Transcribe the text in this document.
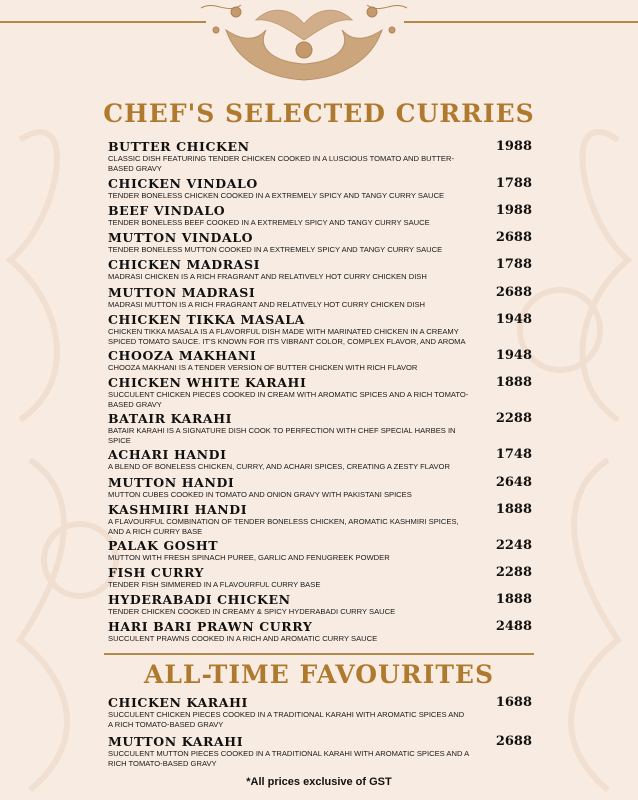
CHEF'S SELECTED CURRIES
BUTTER CHICKEN
CLASSIC DISH FEATURING TENDER CHICKEN COOKED IN A LUSCIOUS TOMATO AND BUTTER-BASED GRAVY
1988
CHICKEN VINDALO
TENDER BONELESS CHICKEN COOKED IN A EXTREMELY SPICY AND TANGY CURRY SAUCE
1788
BEEF VINDALO
TENDER BONELESS BEEF COOKED IN A EXTREMELY SPICY AND TANGY CURRY SAUCE
1988
MUTTON VINDALO
TENDER BONELESS MUTTON COOKED IN A EXTREMELY SPICY AND TANGY CURRY SAUCE
2688
CHICKEN MADRASI
MADRASI CHICKEN IS A RICH FRAGRANT AND RELATIVELY HOT CURRY CHICKEN DISH
1788
MUTTON MADRASI
MADRASI MUTTON IS A RICH FRAGRANT AND RELATIVELY HOT CURRY CHICKEN DISH
2688
CHICKEN TIKKA MASALA
CHICKEN TIKKA MASALA IS A FLAVORFUL DISH MADE WITH MARINATED CHICKEN IN A CREAMY SPICED TOMATO SAUCE. IT'S KNOWN FOR ITS VIBRANT COLOR, COMPLEX FLAVOR, AND AROMA
1948
CHOOZA MAKHANI
CHOOZA MAKHANI IS A TENDER VERSION OF BUTTER CHICKEN WITH RICH FLAVOR
1948
CHICKEN WHITE KARAHI
SUCCULENT CHICKEN PIECES COOKED IN CREAM WITH AROMATIC SPICES AND A RICH TOMATO-BASED GRAVY
1888
BATAIR KARAHI
BATAIR KARAHI IS A SIGNATURE DISH COOK TO PERFECTION WITH CHEF SPECIAL HARBES IN SPICE
2288
ACHARI HANDI
A BLEND OF BONELESS CHICKEN, CURRY, AND ACHARI SPICES, CREATING A ZESTY FLAVOR
1748
MUTTON HANDI
MUTTON CUBES COOKED IN TOMATO AND ONION GRAVY WITH PAKISTANI SPICES
2648
KASHMIRI HANDI
A FLAVOURFUL COMBINATION OF TENDER BONELESS CHICKEN, AROMATIC KASHMIRI SPICES, AND A RICH CURRY BASE
1888
PALAK GOSHT
MUTTON WITH FRESH SPINACH PUREE, GARLIC AND FENUGREEK POWDER
2248
FISH CURRY
TENDER FISH SIMMERED IN A FLAVOURFUL CURRY BASE
2288
HYDERABADI CHICKEN
TENDER CHICKEN COOKED IN CREAMY & SPICY HYDERABADI CURRY SAUCE
1888
HARI BARI PRAWN CURRY
SUCCULENT PRAWNS COOKED IN A RICH AND AROMATIC CURRY SAUCE
2488
ALL-TIME FAVOURITES
CHICKEN KARAHI
SUCCULENT CHICKEN PIECES COOKED IN A TRADITIONAL KARAHI WITH AROMATIC SPICES AND A RICH TOMATO-BASED GRAVY
1688
MUTTON KARAHI
SUCCULENT MUTTON PIECES COOKED IN A TRADITIONAL KARAHI WITH AROMATIC SPICES AND A RICH TOMATO-BASED GRAVY
2688
*All prices exclusive of GST
